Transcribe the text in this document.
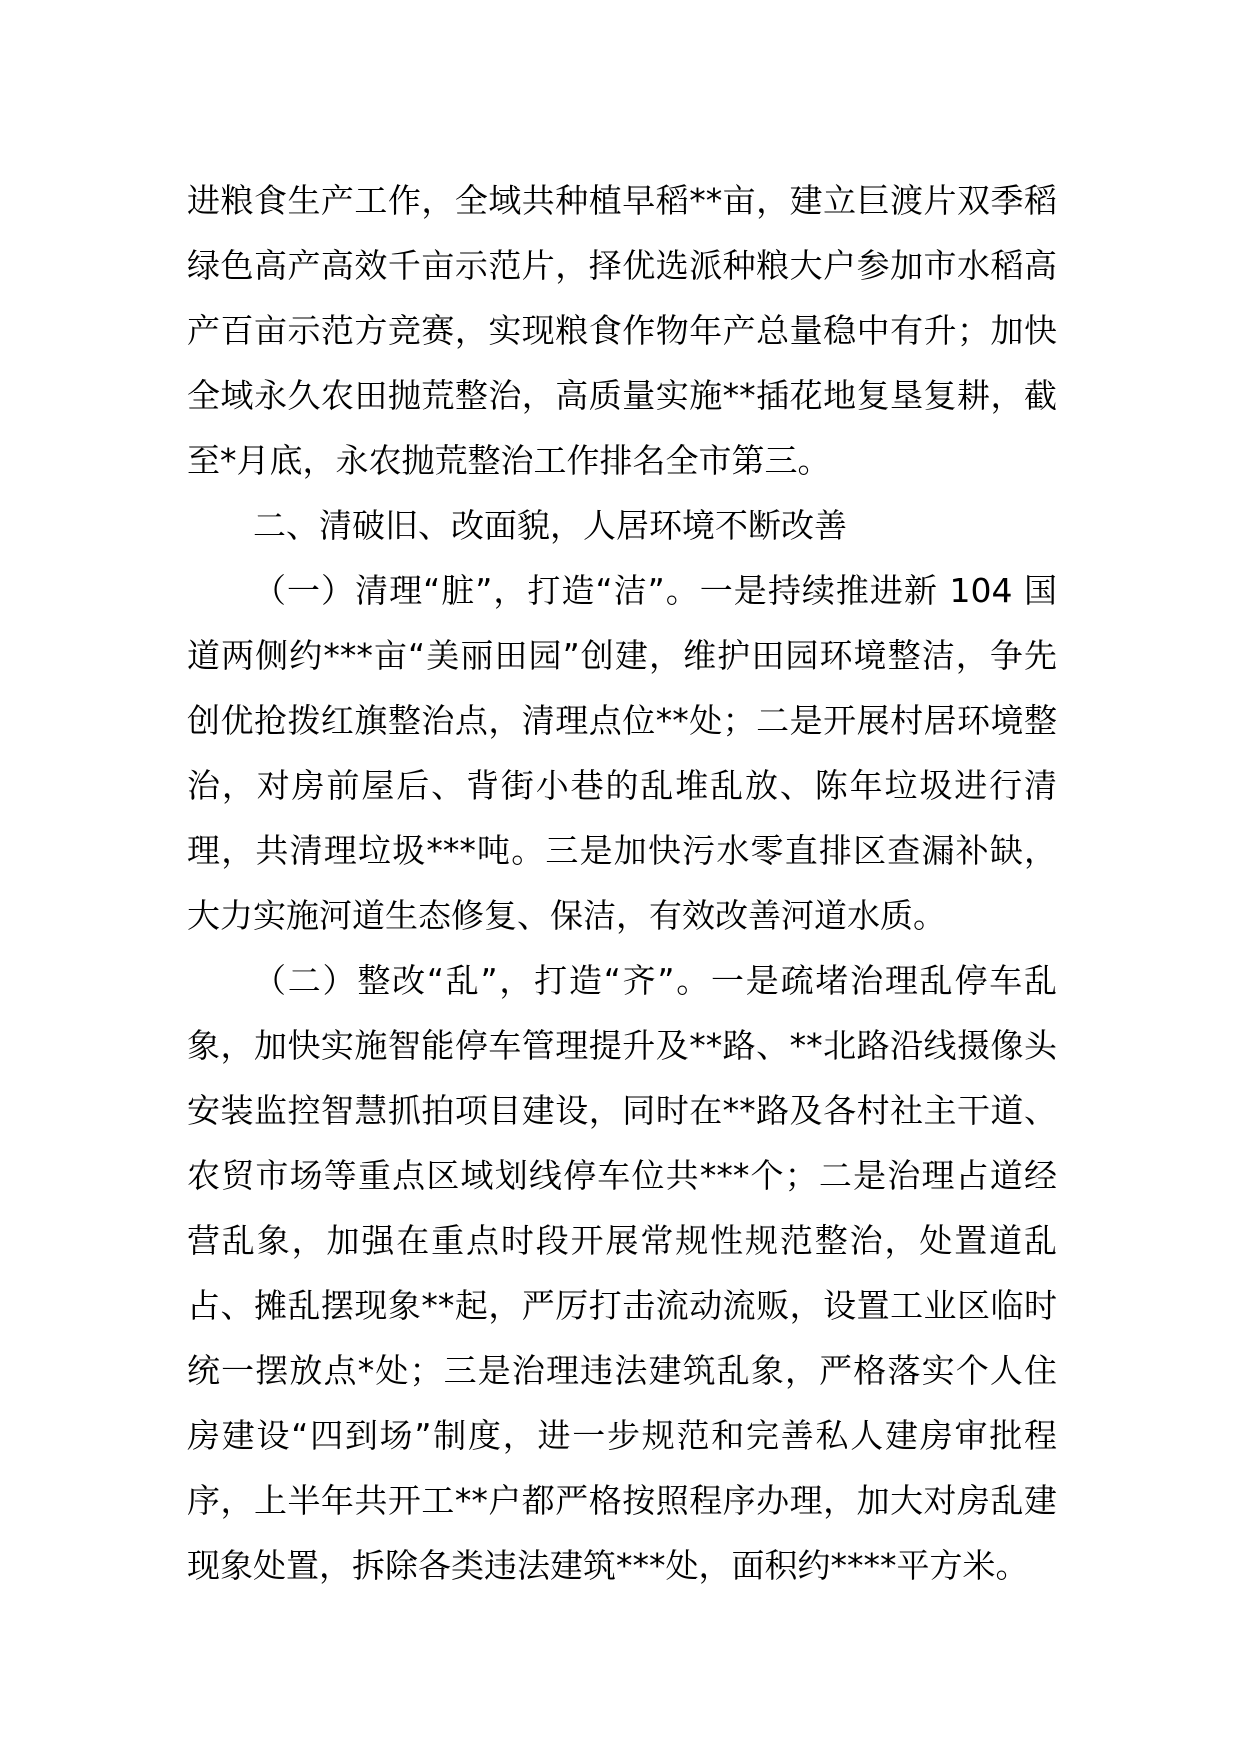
进粮食生产工作，全域共种植早稻**亩，建立巨渡片双季稻绿色高产高效千亩示范片，择优选派种粮大户参加市水稻高产百亩示范方竞赛，实现粮食作物年产总量稳中有升；加快全域永久农田抛荒整治，高质量实施**插花地复垦复耕，截至*月底，永农抛荒整治工作排名全市第三。

二、清破旧、改面貌，人居环境不断改善

（一）清理“脏”，打造“洁”。一是持续推进新 104 国道两侧约***亩“美丽田园”创建，维护田园环境整洁，争先创优抢拨红旗整治点，清理点位**处；二是开展村居环境整治，对房前屋后、背街小巷的乱堆乱放、陈年垃圾进行清理，共清理垃圾***吨。三是加快污水零直排区查漏补缺，大力实施河道生态修复、保洁，有效改善河道水质。

（二）整改“乱”，打造“齐”。一是疏堵治理乱停车乱象，加快实施智能停车管理提升及**路、**北路沿线摄像头安装监控智慧抓拍项目建设，同时在**路及各村社主干道、农贸市场等重点区域划线停车位共***个；二是治理占道经营乱象，加强在重点时段开展常规性规范整治，处置道乱占、摊乱摆现象**起，严厉打击流动流贩，设置工业区临时统一摆放点*处；三是治理违法建筑乱象，严格落实个人住房建设“四到场”制度，进一步规范和完善私人建房审批程序，上半年共开工**户都严格按照程序办理，加大对房乱建现象处置，拆除各类违法建筑***处，面积约****平方米。
